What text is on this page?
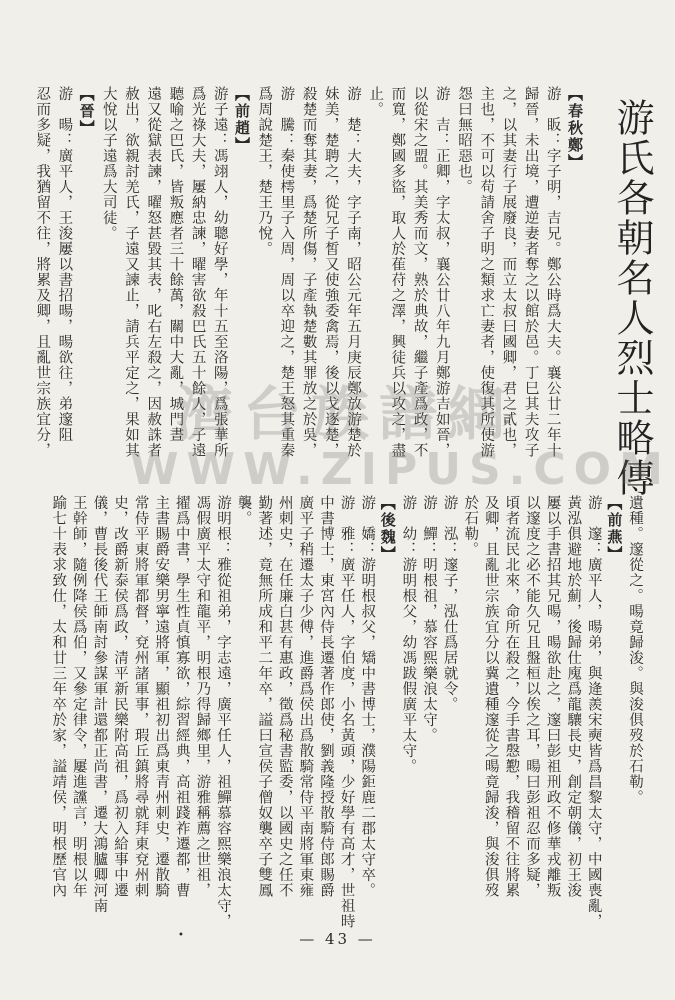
游氏各朝名人烈士略傳
【春秋鄭】
游　眅：字子明，吉兄。鄭公時爲大夫。襄公廿二年十
歸晉，未出境，遭逆妻者奪之以館於邑。丁巳其夫攻子
之，以其妻行子展廢良，而立太叔曰國卿，君之貳也，
主也，不可以苟請舍子明之類求亡妻者，使復其所使游
怨曰無昭惡也。
游　吉：正卿，字太叔，襄公廿八年九月鄭游吉如晉，
以從宋之盟。其美秀而文，熟於典故，繼子產爲政，不
而寬，鄭國多盜，取人於萑苻之澤，興徒兵以攻之，盡
止。
游　楚：大夫，字子南，昭公元年五月庚辰鄭放游楚於
妹美，楚聘之，從兄子皙又使強委禽焉，後以戈逐楚，
殺楚而奪其妻，爲楚所傷，子產執楚數其罪放之於吳，
游　騰：秦使樗里子入周，周以卒迎之，楚王怒其重秦
爲周說楚王，楚王乃悅。
【前趙】
游子遠：馮翊人，幼聰好學，年十五至洛陽，爲張華所
爲光祿大夫，屢納忠諫，曜害欲殺巴氏五十餘人，子遠
聽喻之巴氏，皆叛應者三十餘萬，關中大亂，城門晝
遠又從獄表諫，曜怒甚毀其表，叱右左殺之，因赦誅者
赦出，欲親討羌氏，子遠又諫止，請兵平定之，果如其
大悅以子遠爲大司徒。
【晉】
游　暘：廣平人，王浚屢以書招暘，暘欲往，弟邃阻
忍而多疑，我猶留不往，將累及卿，且亂世宗族宜分，
遺種。邃從之。暘竟歸浚。與浚俱歿於石勒。
【前燕】
游　邃：廣平人，暘弟，與逄羨宋奭皆爲昌黎太守，中國喪亂，
黃泓俱避地於薊，後歸仕廆爲龍驤長史，創定朝儀，初王浚
屢以手書招其兄暘，暘欲赴之，邃曰彭祖刑政不修華戎離叛
以邃度之必不能久兄且盤桓以俟之耳，暘曰彭祖忍而多疑，
頃者流民北來，命所在殺之，今手書慇懃，我稽留不往將累
及卿，且亂世宗族宜分以冀遺種邃從之暘竟歸浚，與浚俱歿
於石勒。
游　泓：邃子，泓仕爲居就令。
游　鱓：明根祖，慕容熙樂浪太守。
游　幼：游明根父，幼馮跋假廣平太守。
【後魏】
游　嬌：游明根叔父，矯中書博士，濮陽鉅鹿二郡太守卒。
游　雅：廣平任人，字伯度，小名黃頭，少好學有高才，世祖時
中書博士，東宮內侍長遷著作郎使，劉義隆授散騎侍郎賜爵
廣平子稍遷太子少傅，進爵爲侯出爲散騎常侍平南將軍東雍
州刺史，在任廉白甚有惠政，徵爲秘書監委，以國史之任不
勤著述，竟無所成和平二年卒，謚曰宣侯子僧奴襲卒子雙鳳
襲。
游明根：雅從祖弟，字志遠，廣平任人，祖鱓慕容熙樂浪太守，
馮假廣平太守和龍平，明根乃得歸鄉里，游雅稱薦之世祖，
擢爲中書，學生性貞慎寡欲，綜習經典，高祖踐祚遷都，曹
主書賜爵安樂男寧遠將軍，顯祖初出爲東青州刺史，遷散騎
常侍平東將軍都督，兗州諸軍事，瑕丘鎮將尋就拜東兗州刺
史，改爵新泰侯爲政，清平新民樂附高祖，爲初入給事中遷
儀，曹長後代王師南討參謀軍計還都正尚書，遷大鴻臚卿河南
王幹師，隨例降侯爲伯，又參定律令，屢進讜言，明根以年
踰七十表求致仕，太和廿三年卒於家，謚靖侯，明根歷官內
濟台族譜網
WWW.ZIPUS.COM
•	— 43 —
